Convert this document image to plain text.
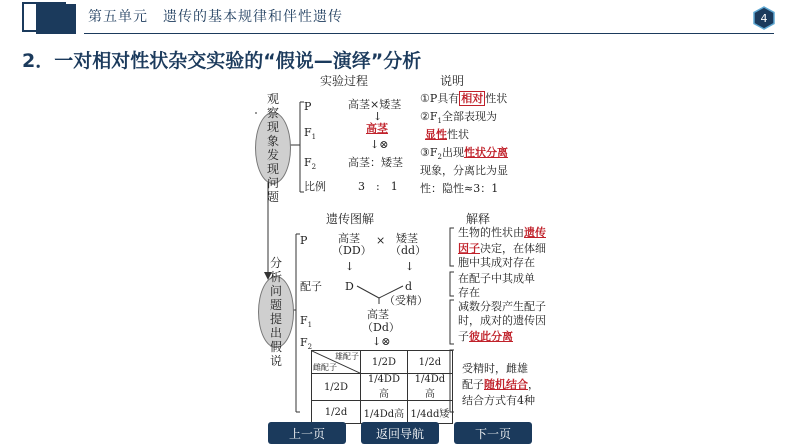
第五单元　遗传的基本规律和伴性遗传	4
2．一对相对性状杂交实验的“假说—演绎”分析
观察现象发现问题
实验过程	说明
P
$F_1$
$F_2$
比例
高茎×矮茎
↓
高茎
↓⊗
高茎：矮茎
3　:　1
①P具有 相对 性状
$②F_1$全部表现为
显性性状
$③F_2$出现性状分离
现象，分离比为显
性：隐性≈3：1
分析问题提出假说
遗传图解	解释
P
配子
$F_1$
$F_2$
高茎
（DD）
× 矮茎
（dd）
↓	↓
D	d
（受精）
高茎
（Dd）
↓⊗
雄配子
雌配子	1/2D	1/2d
1/2D	1/4DD高	1/4Dd高
1/2d	1/4Dd高	1/4dd矮
生物的性状由遗传
因子决定，在体细
胞中其成对存在
在配子中其成单
存在
减数分裂产生配子
时，成对的遗传因
子彼此分离
受精时，雌雄
配子随机结合，
结合方式有4种
上一页	返回导航	下一页
